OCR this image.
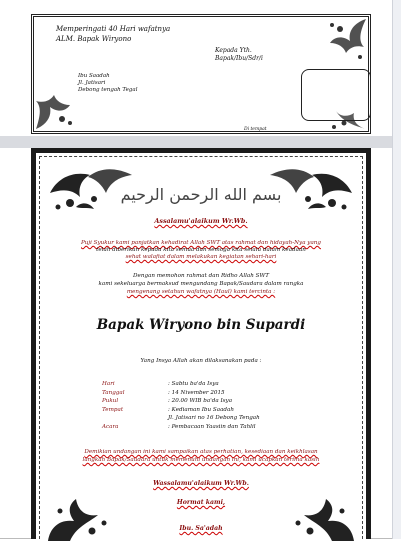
Memperingati 40 Hari wafatnya
ALM. Bapak Wiryono
Ibu Saadah
Jl. Jatisari
Debong tengah Tegal
Kepada Yth.
Bapak/Ibu/Sdr/i
Di tempat
بسم الله الرحمن الرحيم
Assalamu'alaikum Wr.Wb.
Puji Syukur kami panjatkan kehadirat Allah SWT atas rahmat dan hidayah-Nya yang
telah diberikan kepada kita semua dan semoga kita selalu dalam keadaan
sehat walafiat dalam melakukan kegiatan sehari-hari
Dengan memohon rahmat dan Ridho Allah SWT
kami sekeluarga bermaksud mengundang Bapak/Saudara dalam rangka
mengenang setahun wafatnya (Haul) kami tercinta :
Bapak Wiryono bin Supardi
Yang Insya Allah akan dilaksanakan pada :
Hari	: Sabtu ba'da Isya
Tanggal	: 14 Nivember 2015
Pukul	: 20.00 WIB ba'da Isya
Tempat	: Kediaman Ibu Saadah
Jl. Jatisari no 16 Debong Tengah
Acara	: Pembacaan Yaasiin dan Tahlil
Demikian undangan ini kami sampaikan atas perhatian, kesediaan dan keikhlasan
langkah Bapak/Saudara untuk memenuhi undangan ini, kami ucapkan terima kasih
Wassalamu'alaikum Wr.Wb.
Hormat kami,
Ibu. Sa'adah
